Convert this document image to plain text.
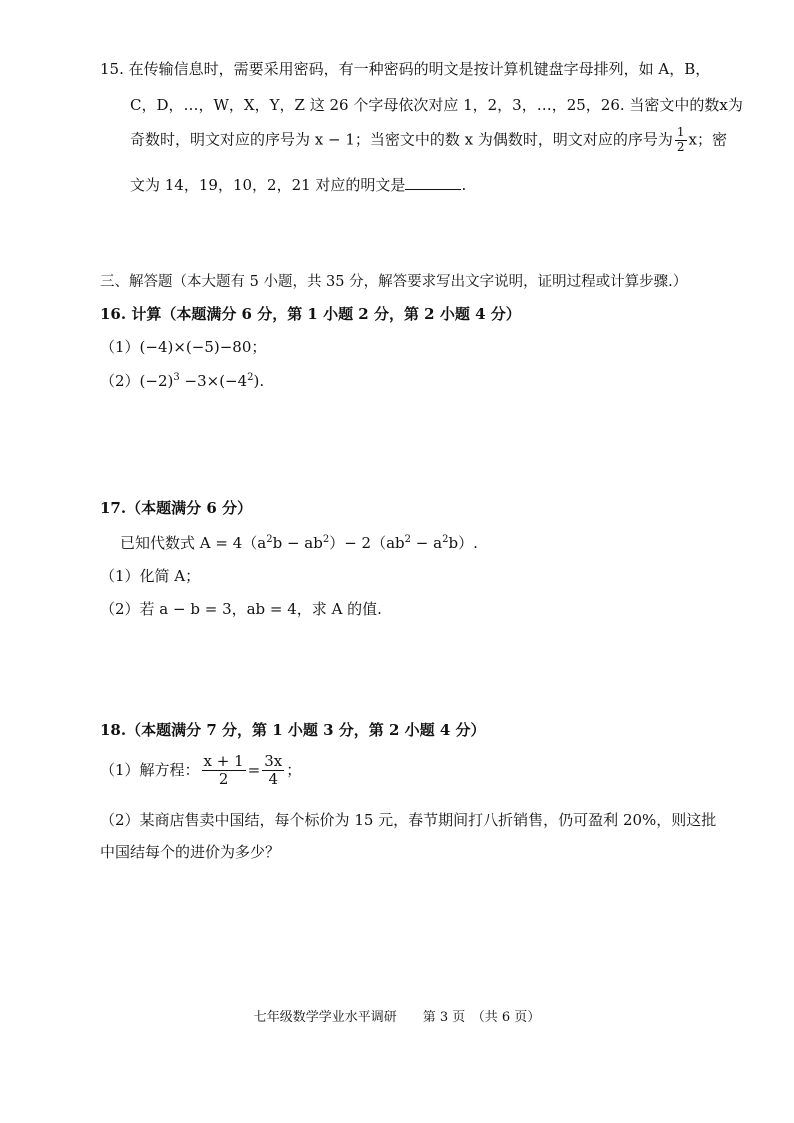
15. 在传输信息时，需要采用密码，有一种密码的明文是按计算机键盘字母排列，如 A，B，
C，D，…，W，X，Y，Z 这 26 个字母依次对应 1，2，3，…，25，26. 当密文中的数x为
奇数时，明文对应的序号为 x − 1；当密文中的数 x 为偶数时，明文对应的序号为 $\frac{1}{2}$ x；密
文为 14，19，10，2，21 对应的明文是	.
三、解答题（本大题有 5 小题，共 35 分，解答要求写出文字说明，证明过程或计算步骤.）
16. 计算（本题满分 6 分，第 1 小题 2 分，第 2 小题 4 分）
（1）(−4)×(−5)−80；
$(2)(-2)^3 -3\times(-4^2)$.
17.（本题满分 6 分）
已知代数式 $A = 4(a^2b - ab^2)- 2(ab^2 - a^2b)$.
（1）化简 A；
（2）若 a − b = 3，ab = 4，求 A 的值.
18.（本题满分 7 分，第 1 小题 3 分，第 2 小题 4 分）
（1）解方程： $\frac{x + 1}{2} = \frac{3x}{4}$ ；
（2）某商店售卖中国结，每个标价为 15 元，春节期间打八折销售，仍可盈利 20%，则这批
中国结每个的进价为多少？
七年级数学学业水平调研　　第 3 页　（共 6 页）
